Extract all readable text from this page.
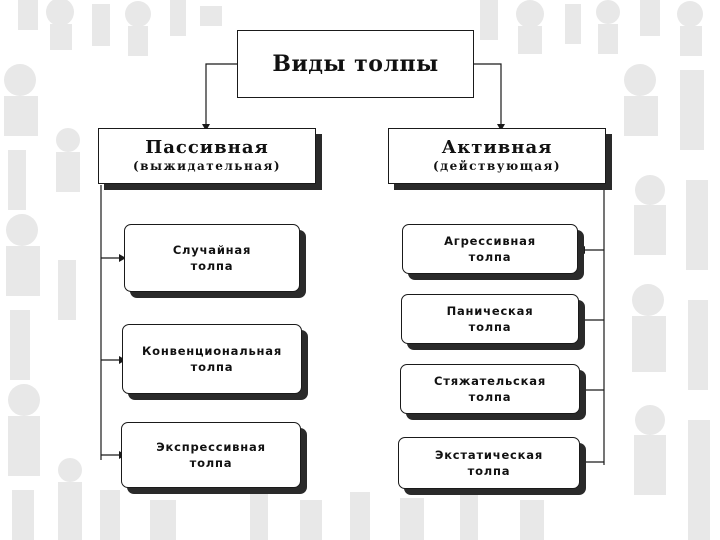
Виды толпы
Пассивная
(выжидательная)
Активная
(действующая)
Случайная
толпа
Конвенциональная
толпа
Экспрессивная
толпа
Агрессивная
толпа
Паническая
толпа
Стяжательская
толпа
Экстатическая
толпа
